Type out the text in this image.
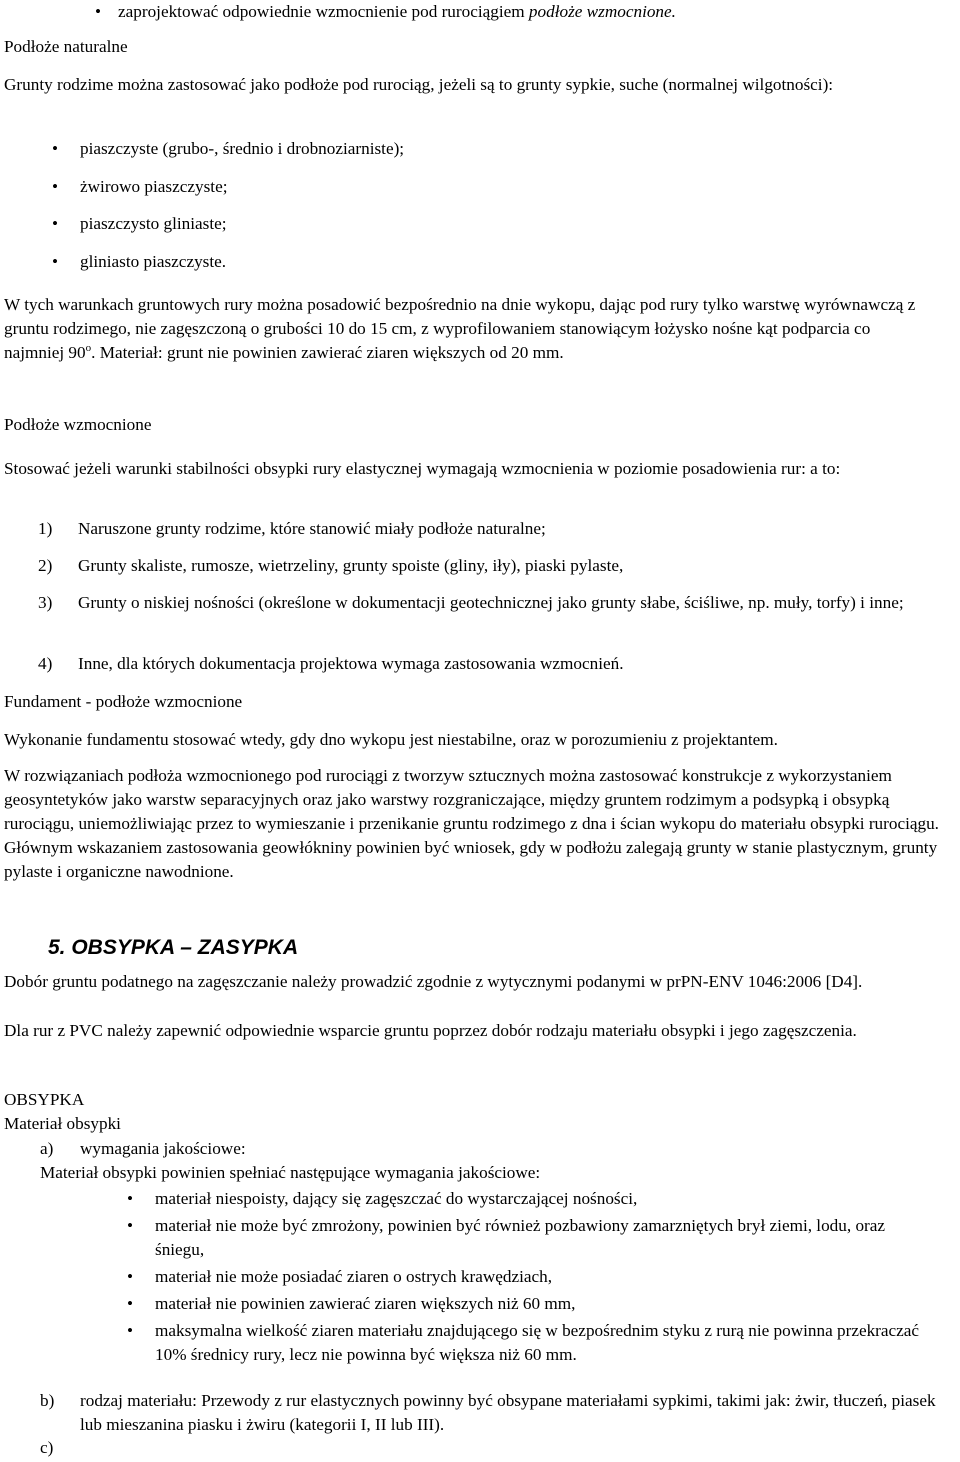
• zaprojektować odpowiednie wzmocnienie pod rurociągiem podłoże wzmocnione.

Podłoże naturalne

Grunty rodzime można zastosować jako podłoże pod rurociąg, jeżeli są to grunty sypkie, suche (normalnej wilgotności):

•	piaszczyste (grubo-, średnio i drobnoziarniste);
•	żwirowo piaszczyste;
•	piaszczysto gliniaste;
•	gliniasto piaszczyste.

W tych warunkach gruntowych rury można posadowić bezpośrednio na dnie wykopu, dając pod rury tylko warstwę wyrównawczą z gruntu rodzimego, nie zagęszczoną o grubości 10 do 15 cm, z wyprofilowaniem stanowiącym łożysko nośne kąt podparcia co najmniej 90$^o$. Materiał: grunt nie powinien zawierać ziaren większych od 20 mm.

Podłoże wzmocnione

Stosować jeżeli warunki stabilności obsypki rury elastycznej wymagają wzmocnienia w poziomie posadowienia rur: a to:

1)	Naruszone grunty rodzime, które stanowić miały podłoże naturalne;
2)	Grunty skaliste, rumosze, wietrzeliny, grunty spoiste (gliny, iły), piaski pylaste,
3)	Grunty o niskiej nośności (określone w dokumentacji geotechnicznej jako grunty słabe, ściśliwe, np. muły, torfy) i inne;
4)	Inne, dla których dokumentacja projektowa wymaga zastosowania wzmocnień.

Fundament - podłoże wzmocnione

Wykonanie fundamentu stosować wtedy, gdy dno wykopu jest niestabilne, oraz w porozumieniu z projektantem.

W rozwiązaniach podłoża wzmocnionego pod rurociągi z tworzyw sztucznych można zastosować konstrukcje z wykorzystaniem geosyntetyków jako warstw separacyjnych oraz jako warstwy rozgraniczające, między gruntem rodzimym a podsypką i obsypką rurociągu, uniemożliwiając przez to wymieszanie i przenikanie gruntu rodzimego z dna i ścian wykopu do materiału obsypki rurociągu. Głównym wskazaniem zastosowania geowłókniny powinien być wniosek, gdy w podłożu zalegają grunty w stanie plastycznym, grunty pylaste i organiczne nawodnione.

5. OBSYPKA – ZASYPKA

Dobór gruntu podatnego na zagęszczanie należy prowadzić zgodnie z wytycznymi podanymi w prPN-ENV 1046:2006 [D4].

Dla rur z PVC należy zapewnić odpowiednie wsparcie gruntu poprzez dobór rodzaju materiału obsypki i jego zagęszczenia.

OBSYPKA

Materiał obsypki

a)	wymagania jakościowe:

Materiał obsypki powinien spełniać następujące wymagania jakościowe:

•	materiał niespoisty, dający się zagęszczać do wystarczającej nośności,
•	materiał nie może być zmrożony, powinien być również pozbawiony zamarzniętych brył ziemi, lodu, oraz śniegu,
•	materiał nie może posiadać ziaren o ostrych krawędziach,
•	materiał nie powinien zawierać ziaren większych niż 60 mm,
•	maksymalna wielkość ziaren materiału znajdującego się w bezpośrednim styku z rurą nie powinna przekraczać 10% średnicy rury, lecz nie powinna być większa niż 60 mm.
b)	rodzaj materiału: Przewody z rur elastycznych powinny być obsypane materiałami sypkimi, takimi jak: żwir, tłuczeń, piasek lub mieszanina piasku i żwiru (kategorii I, II lub III).
c)
